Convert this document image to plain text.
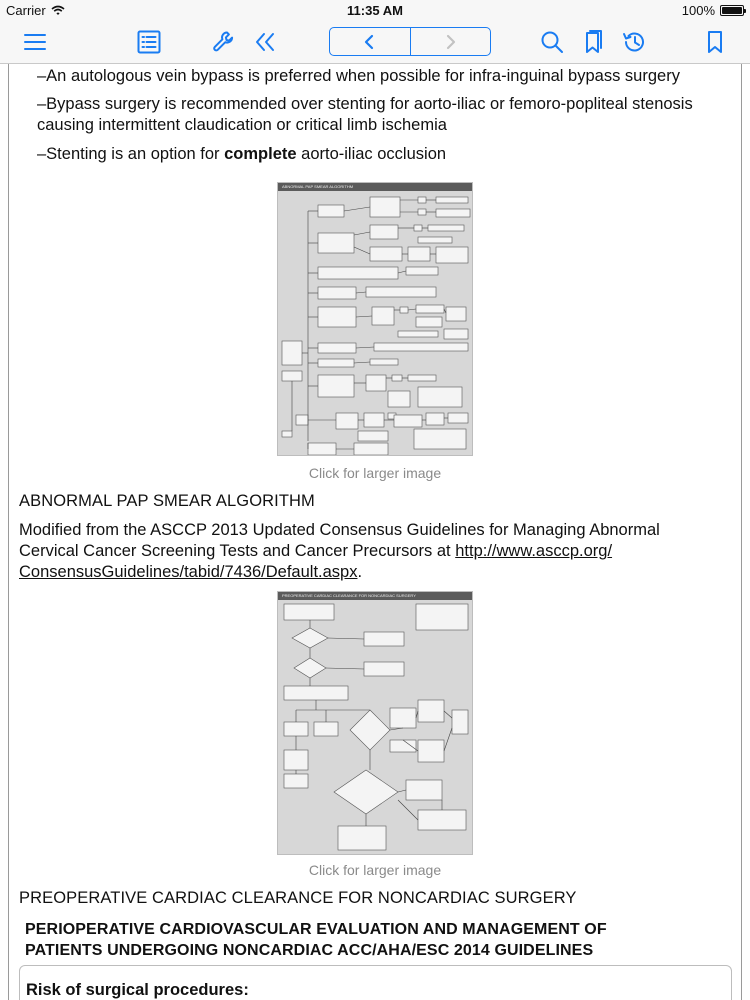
Carrier	11:35 AM	100%
–An autologous vein bypass is preferred when possible for infra-inguinal bypass surgery
–Bypass surgery is recommended over stenting for aorto-iliac or femoro-popliteal stenosis causing intermittent claudication or critical limb ischemia
–Stenting is an option for complete aorto-iliac occlusion
ABNORMAL PAP SMEAR ALGORITHM
Click for larger image
ABNORMAL PAP SMEAR ALGORITHM
Modified from the ASCCP 2013 Updated Consensus Guidelines for Managing Abnormal Cervical Cancer Screening Tests and Cancer Precursors at http://www.asccp.org/ ConsensusGuidelines/tabid/7436/Default.aspx.
PREOPERATIVE CARDIAC CLEARANCE FOR NONCARDIAC SURGERY
Click for larger image
PREOPERATIVE CARDIAC CLEARANCE FOR NONCARDIAC SURGERY
PERIOPERATIVE CARDIOVASCULAR EVALUATION AND MANAGEMENT OF
PATIENTS UNDERGOING NONCARDIAC ACC/AHA/ESC 2014 GUIDELINES
Risk of surgical procedures:
